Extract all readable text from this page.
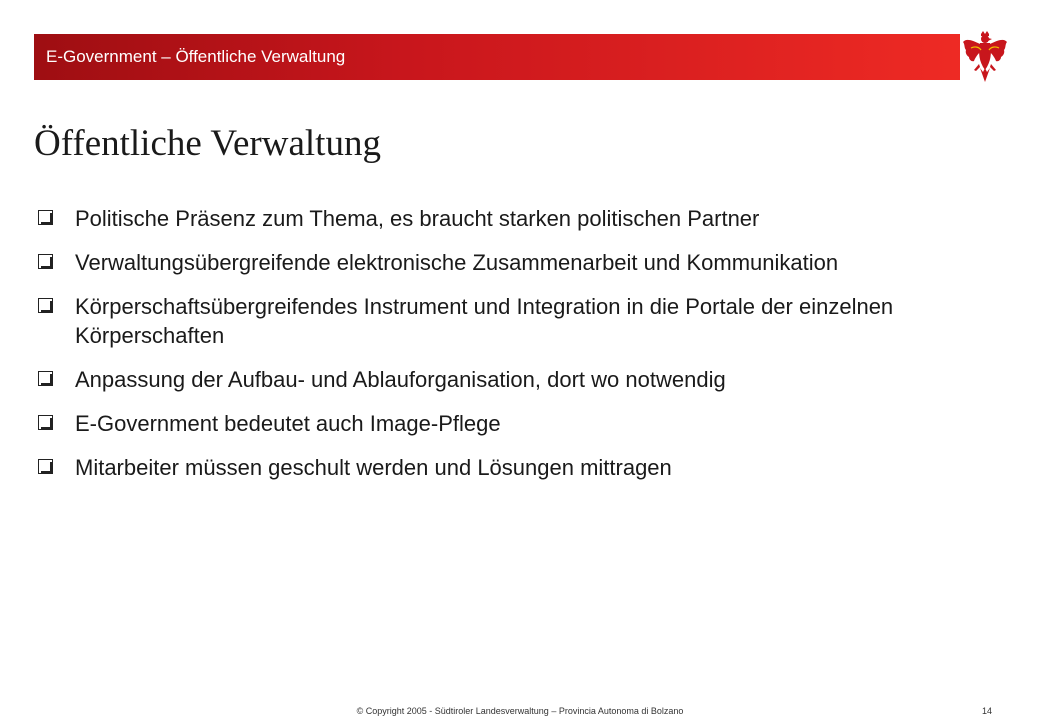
E-Government – Öffentliche Verwaltung
Öffentliche Verwaltung
Politische Präsenz zum Thema, es braucht starken politischen Partner
Verwaltungsübergreifende elektronische Zusammenarbeit und Kommunikation
Körperschaftsübergreifendes Instrument und Integration in die Portale der einzelnen Körperschaften
Anpassung der Aufbau- und Ablauforganisation, dort wo notwendig
E-Government bedeutet auch Image-Pflege
Mitarbeiter müssen geschult werden und Lösungen mittragen
© Copyright 2005 - Südtiroler Landesverwaltung – Provincia Autonoma di Bolzano	14
